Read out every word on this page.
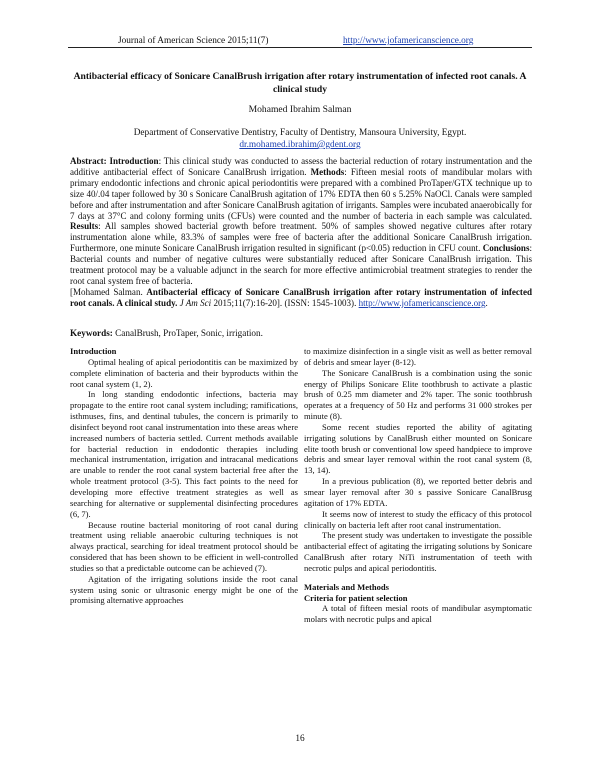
Journal of American Science 2015;11(7)	http://www.jofamericanscience.org
Antibacterial efficacy of Sonicare CanalBrush irrigation after rotary instrumentation of infected root canals. A clinical study
Mohamed Ibrahim Salman
Department of Conservative Dentistry, Faculty of Dentistry, Mansoura University, Egypt.
dr.mohamed.ibrahim@gdent.org

Abstract: Introduction: This clinical study was conducted to assess the bacterial reduction of rotary instrumentation and the additive antibacterial effect of Sonicare CanalBrush irrigation. Methods: Fifteen mesial roots of mandibular molars with primary endodontic infections and chronic apical periodontitis were prepared with a combined ProTaper/GTX technique up to size 40/.04 taper followed by 30 s Sonicare CanalBrush agitation of 17% EDTA then 60 s 5.25% NaOCl. Canals were sampled before and after instrumentation and after Sonicare CanalBrush agitation of irrigants. Samples were incubated anaerobically for 7 days at 37°C and colony forming units (CFUs) were counted and the number of bacteria in each sample was calculated. Results: All samples showed bacterial growth before treatment. 50% of samples showed negative cultures after rotary instrumentation alone while, 83.3% of samples were free of bacteria after the additional Sonicare CanalBrush irrigation. Furthermore, one minute Sonicare CanalBrush irrigation resulted in significant (p<0.05) reduction in CFU count. Conclusions: Bacterial counts and number of negative cultures were substantially reduced after Sonicare CanalBrush irrigation. This treatment protocol may be a valuable adjunct in the search for more effective antimicrobial treatment strategies to render the root canal system free of bacteria.

[Mohamed Salman. Antibacterial efficacy of Sonicare CanalBrush irrigation after rotary instrumentation of infected root canals. A clinical study. J Am Sci 2015;11(7):16-20]. (ISSN: 1545-1003). http://www.jofamericanscience.org.

Keywords: CanalBrush, ProTaper, Sonic, irrigation.

Introduction

Optimal healing of apical periodontitis can be maximized by complete elimination of bacteria and their byproducts within the root canal system (1, 2).

In long standing endodontic infections, bacteria may propagate to the entire root canal system including; ramifications, isthmuses, fins, and dentinal tubules, the concern is primarily to disinfect beyond root canal instrumentation into these areas where increased numbers of bacteria settled. Current methods available for bacterial reduction in endodontic therapies including mechanical instrumentation, irrigation and intracanal medications are unable to render the root canal system bacterial free after the whole treatment protocol (3-5). This fact points to the need for developing more effective treatment strategies as well as searching for alternative or supplemental disinfecting procedures (6, 7).

Because routine bacterial monitoring of root canal during treatment using reliable anaerobic culturing techniques is not always practical, searching for ideal treatment protocol should be considered that has been shown to be efficient in well-controlled studies so that a predictable outcome can be achieved (7).

Agitation of the irrigating solutions inside the root canal system using sonic or ultrasonic energy might be one of the promising alternative approaches

to maximize disinfection in a single visit as well as better removal of debris and smear layer (8-12).

The Sonicare CanalBrush is a combination using the sonic energy of Philips Sonicare Elite toothbrush to activate a plastic brush of 0.25 mm diameter and 2% taper. The sonic toothbrush operates at a frequency of 50 Hz and performs 31 000 strokes per minute (8).

Some recent studies reported the ability of agitating irrigating solutions by CanalBrush either mounted on Sonicare elite tooth brush or conventional low speed handpiece to improve debris and smear layer removal within the root canal system (8, 13, 14).

In a previous publication (8), we reported better debris and smear layer removal after 30 s passive Sonicare CanalBrusg agitation of 17% EDTA.

It seems now of interest to study the efficacy of this protocol clinically on bacteria left after root canal instrumentation.

The present study was undertaken to investigate the possible antibacterial effect of agitating the irrigating solutions by Sonicare CanalBrush after rotary NiTi instrumentation of teeth with necrotic pulps and apical periodontitis.

Materials and Methods

Criteria for patient selection

A total of fifteen mesial roots of mandibular asymptomatic molars with necrotic pulps and apical

16
